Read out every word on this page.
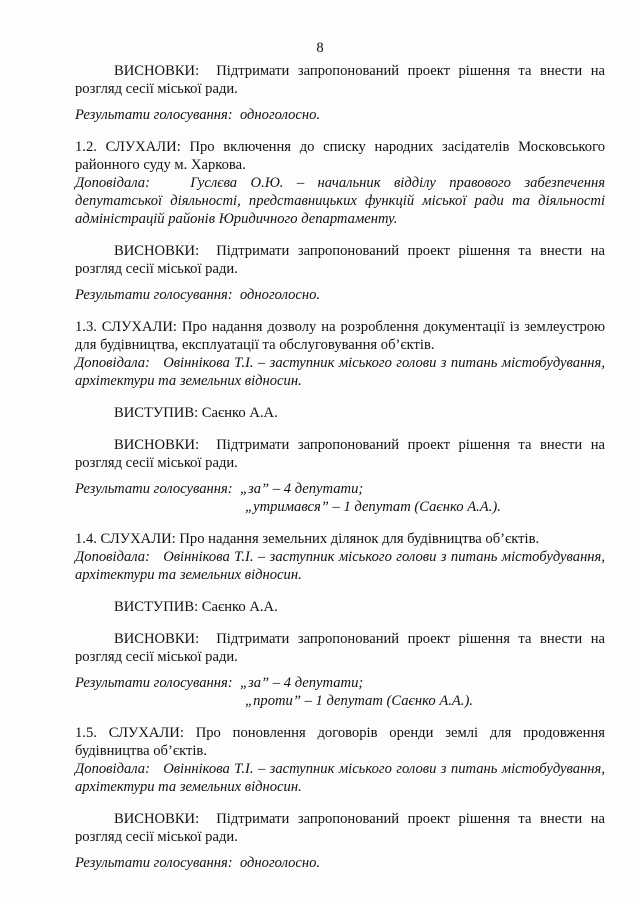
8

ВИСНОВКИ: Підтримати запропонований проект рішення та внести на розгляд сесії міської ради.

Результати голосування: одноголосно.

1.2. СЛУХАЛИ: Про включення до списку народних засідателів Московського районного суду м. Харкова.

Доповідала:	Гуслєва О.Ю. – начальник відділу правового забезпечення депутатської діяльності, представницьких функцій міської ради та діяльності адміністрацій районів Юридичного департаменту.

ВИСНОВКИ: Підтримати запропонований проект рішення та внести на розгляд сесії міської ради.

Результати голосування: одноголосно.

1.3. СЛУХАЛИ: Про надання дозволу на розроблення документації із землеустрою для будівництва, експлуатації та обслуговування об’єктів.

Доповідала: Овіннікова Т.І. – заступник міського голови з питань містобудування, архітектури та земельних відносин.

ВИСТУПИВ: Саєнко А.А.

ВИСНОВКИ: Підтримати запропонований проект рішення та внести на розгляд сесії міської ради.

Результати голосування: „за” – 4 депутати;

„утримався” – 1 депутат (Саєнко А.А.).

1.4. СЛУХАЛИ: Про надання земельних ділянок для будівництва об’єктів.

Доповідала: Овіннікова Т.І. – заступник міського голови з питань містобудування, архітектури та земельних відносин.

ВИСТУПИВ: Саєнко А.А.

ВИСНОВКИ: Підтримати запропонований проект рішення та внести на розгляд сесії міської ради.

Результати голосування: „за” – 4 депутати;

„проти” – 1 депутат (Саєнко А.А.).

1.5. СЛУХАЛИ: Про поновлення договорів оренди землі для продовження будівництва об’єктів.

Доповідала: Овіннікова Т.І. – заступник міського голови з питань містобудування, архітектури та земельних відносин.

ВИСНОВКИ: Підтримати запропонований проект рішення та внести на розгляд сесії міської ради.

Результати голосування: одноголосно.
